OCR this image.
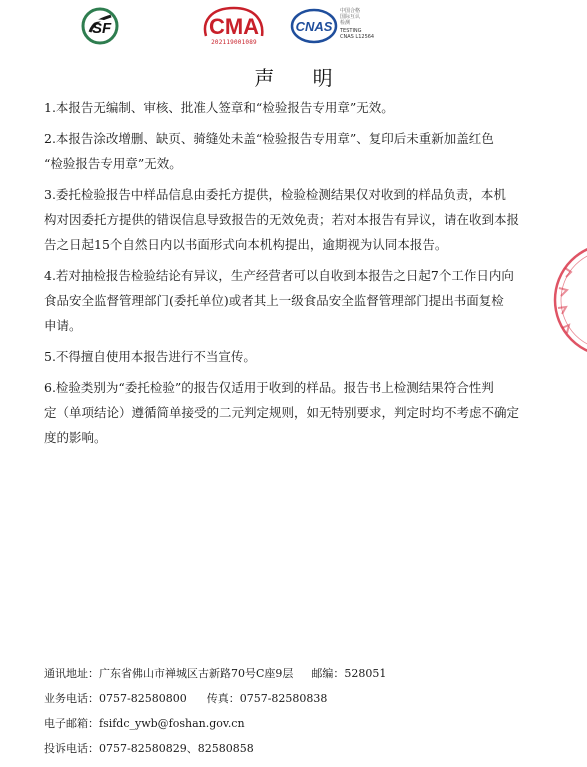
SF	CMA
202119001089
CNAS
中国合格
国际互认
检测
TESTING
CNAS L12564
声 明

1.本报告无编制、审核、批准人签章和“检验报告专用章”无效。

2.本报告涂改增删、缺页、骑缝处未盖“检验报告专用章”、复印后未重新加盖红色
“检验报告专用章”无效。

3.委托检验报告中样品信息由委托方提供，检验检测结果仅对收到的样品负责，本机
构对因委托方提供的错误信息导致报告的无效免责；若对本报告有异议，请在收到本报
告之日起15个自然日内以书面形式向本机构提出，逾期视为认同本报告。

4.若对抽检报告检验结论有异议，生产经营者可以自收到本报告之日起7个工作日内向
食品安全监督管理部门(委托单位)或者其上一级食品安全监督管理部门提出书面复检
申请。

5.不得擅自使用本报告进行不当宣传。

6.检验类别为“委托检验”的报告仅适用于收到的样品。报告书上检测结果符合性判
定（单项结论）遵循简单接受的二元判定规则，如无特别要求，判定时均不考虑不确定
度的影响。

通讯地址：广东省佛山市禅城区古新路70号C座9层 邮编：528051
业务电话：0757-82580800 传真：0757-82580838
电子邮箱：fsifdc_ywb@foshan.gov.cn
投诉电话：0757-82580829、82580858
